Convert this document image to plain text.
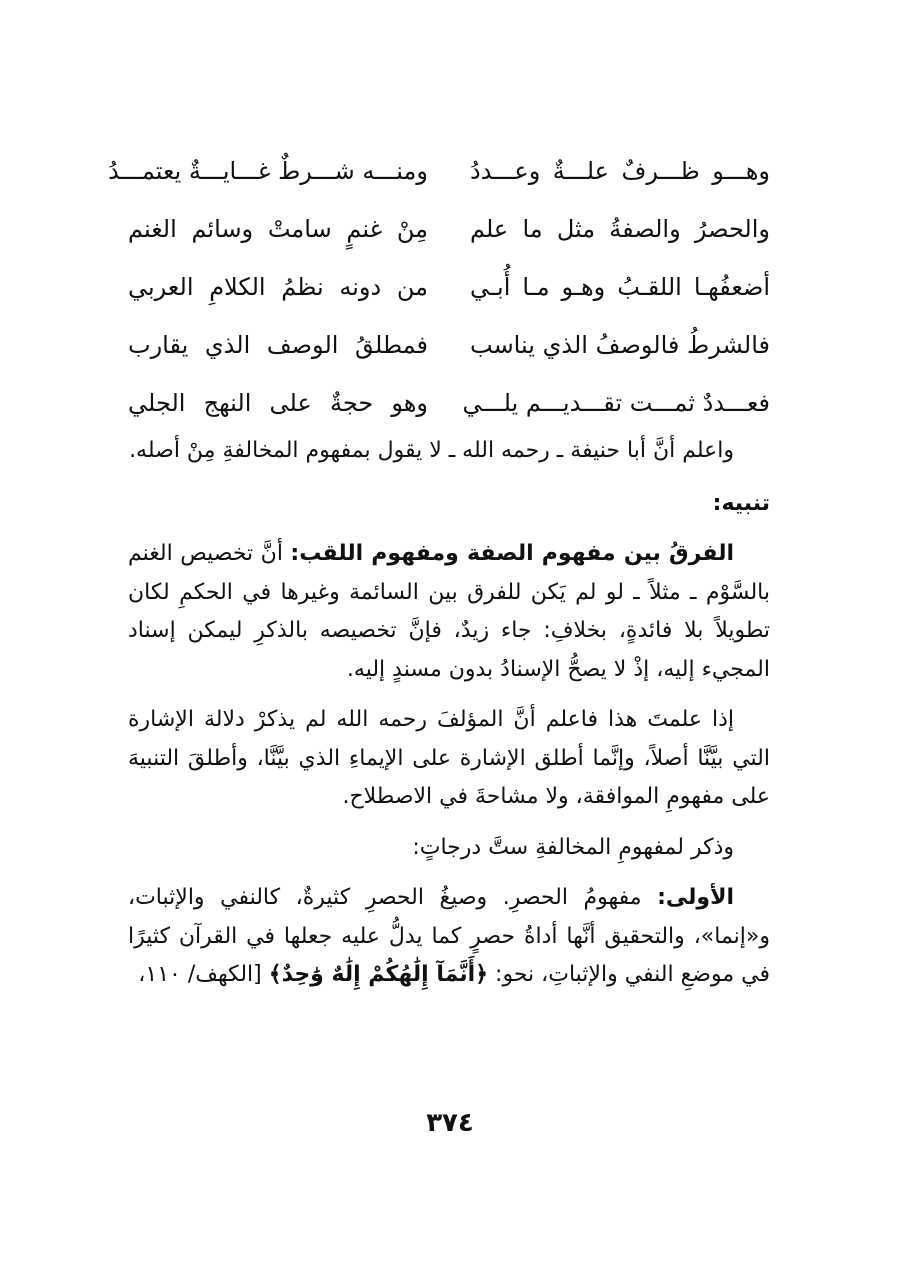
وهـــو ظـــرفٌ علـــةٌ وعـــددُ
ومنـــه شـــرطٌ غـــايـــةٌ يعتمـــدُ
والحصرُ والصفةُ مثل ما علم
مِنْ غنمٍ سامتْ وسائم الغنم
أضعفُهـا اللقـبُ وهـو مـا أُبـي
من دونه نظمُ الكلامِ العربي
فالشرطُ فالوصفُ الذي يناسب
فمطلقُ الوصف الذي يقارب
فعـــددٌ ثمـــت تقـــديـــم يلـــي
وهو حجةٌ على النهج الجلي

واعلم أنَّ أبا حنيفة ـ رحمه الله ـ لا يقول بمفهوم المخالفةِ مِنْ أصله.

تنبيه:

الفرقُ بين مفهوم الصفة ومفهوم اللقب: أنَّ تخصيص الغنم بالسَّوْم ـ مثلاً ـ لو لم يَكن للفرق بين السائمة وغيرها في الحكمِ لكان تطويلاً بلا فائدةٍ، بخلافِ: جاء زيدٌ، فإنَّ تخصيصه بالذكرِ ليمكن إسناد المجيء إليه، إذْ لا يصحُّ الإسنادُ بدون مسندٍ إليه.

إذا علمتَ هذا فاعلم أنَّ المؤلفَ رحمه الله لم يذكرْ دلالة الإشارة التي بيَّنَّا أصلاً، وإنَّما أطلق الإشارة على الإيماءِ الذي بيَّنَّا، وأطلقَ التنبيهَ على مفهومِ الموافقة، ولا مشاحةَ في الاصطلاح.

وذكر لمفهومِ المخالفةِ ستَّ درجاتٍ:

الأولى: مفهومُ الحصرِ. وصيغُ الحصرِ كثيرةٌ، كالنفي والإثبات، و«إنما»، والتحقيق أنَّها أداةُ حصرٍ كما يدلُّ عليه جعلها في القرآن كثيرًا في موضعِ النفي والإثباتِ، نحو: ﴿أَنَّمَآ إِلَٰهُكُمْ إِلَٰهٌ وَٰحِدٌ﴾ [الكهف/ ١١٠،

٣٧٤
